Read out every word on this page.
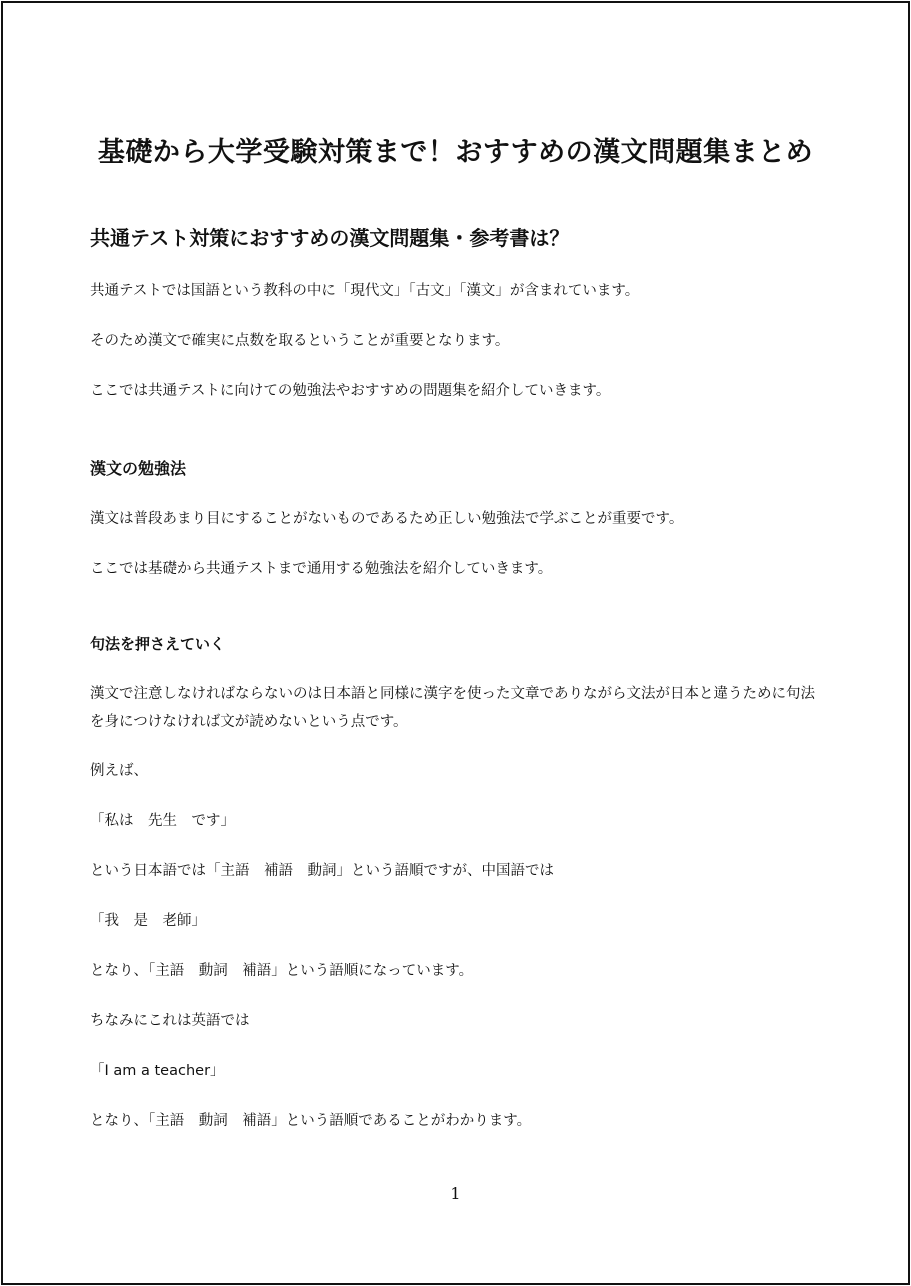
基礎から大学受験対策まで！おすすめの漢文問題集まとめ
共通テスト対策におすすめの漢文問題集・参考書は？

共通テストでは国語という教科の中に「現代文」「古文」「漢文」が含まれています。

そのため漢文で確実に点数を取るということが重要となります。

ここでは共通テストに向けての勉強法やおすすめの問題集を紹介していきます。

漢文の勉強法

漢文は普段あまり目にすることがないものであるため正しい勉強法で学ぶことが重要です。

ここでは基礎から共通テストまで通用する勉強法を紹介していきます。

句法を押さえていく

漢文で注意しなければならないのは日本語と同様に漢字を使った文章でありながら文法が日本と違うために句法を身につけなければ文が読めないという点です。

例えば、

「私は　先生　です」

という日本語では「主語　補語　動詞」という語順ですが、中国語では

「我　是　老師」

となり、「主語　動詞　補語」という語順になっています。

ちなみにこれは英語では

「I am a teacher」

となり、「主語　動詞　補語」という語順であることがわかります。

1
